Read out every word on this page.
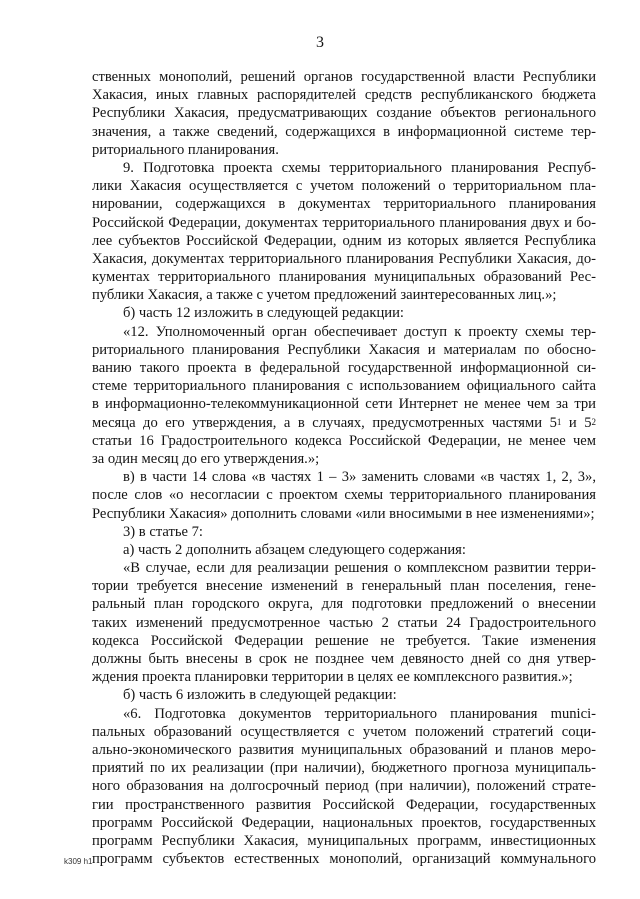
3
ственных монополий, решений органов государственной власти Республики
Хакасия, иных главных распорядителей средств республиканского бюджета
Республики Хакасия, предусматривающих создание объектов регионального
значения, а также сведений, содержащихся в информационной системе тер-
риториального планирования.
9. Подготовка проекта схемы территориального планирования Респуб-
лики Хакасия осуществляется с учетом положений о территориальном пла-
нировании, содержащихся в документах территориального планирования
Российской Федерации, документах территориального планирования двух и бо-
лее субъектов Российской Федерации, одним из которых является Республика
Хакасия, документах территориального планирования Республики Хакасия, до-
кументах территориального планирования муниципальных образований Рес-
публики Хакасия, а также с учетом предложений заинтересованных лиц.»;
б) часть 12 изложить в следующей редакции:
«12. Уполномоченный орган обеспечивает доступ к проекту схемы тер-
риториального планирования Республики Хакасия и материалам по обосно-
ванию такого проекта в федеральной государственной информационной си-
стеме территориального планирования с использованием официального сайта
в информационно-телекоммуникационной сети Интернет не менее чем за три
месяца до его утверждения, а в случаях, предусмотренных частями $5^1$ и $5^2$
статьи 16 Градостроительного кодекса Российской Федерации, не менее чем
за один месяц до его утверждения.»;
в) в части 14 слова «в частях 1 – 3» заменить словами «в частях 1, 2, 3»,
после слов «о несогласии с проектом схемы территориального планирования
Республики Хакасия» дополнить словами «или вносимыми в нее изменениями»;
3) в статье 7:
а) часть 2 дополнить абзацем следующего содержания:
«В случае, если для реализации решения о комплексном развитии терри-
тории требуется внесение изменений в генеральный план поселения, гене-
ральный план городского округа, для подготовки предложений о внесении
таких изменений предусмотренное частью 2 статьи 24 Градостроительного
кодекса Российской Федерации решение не требуется. Такие изменения
должны быть внесены в срок не позднее чем девяносто дней со дня утвер-
ждения проекта планировки территории в целях ее комплексного развития.»;
б) часть 6 изложить в следующей редакции:
«6. Подготовка документов территориального планирования munici-
пальных образований осуществляется с учетом положений стратегий соци-
ально-экономического развития муниципальных образований и планов меро-
приятий по их реализации (при наличии), бюджетного прогноза муниципаль-
ного образования на долгосрочный период (при наличии), положений страте-
гии пространственного развития Российской Федерации, государственных
программ Российской Федерации, национальных проектов, государственных
программ Республики Хакасия, муниципальных программ, инвестиционных
программ субъектов естественных монополий, организаций коммунального
k309 h1
